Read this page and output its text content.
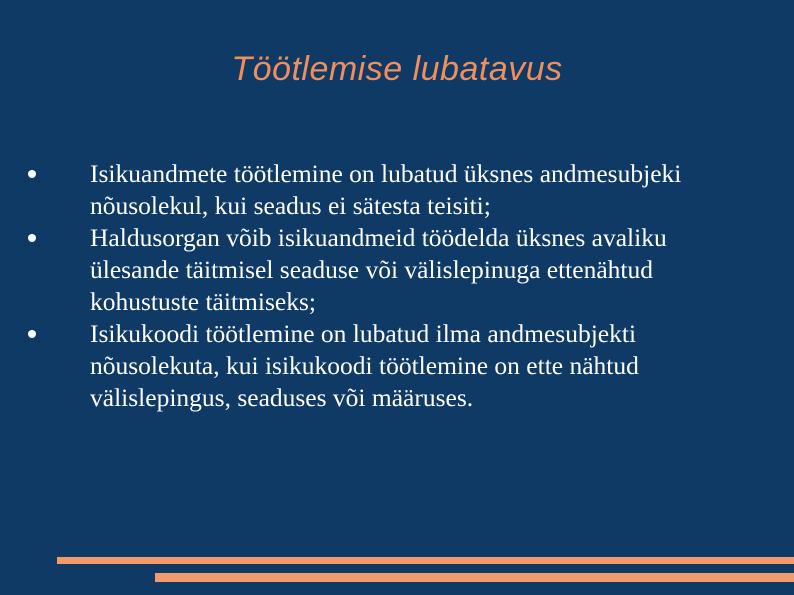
Töötlemise lubatavus
Isikuandmete töötlemine on lubatud üksnes andmesubjeki nõusolekul, kui seadus ei sätesta teisiti;
Haldusorgan võib isikuandmeid töödelda üksnes avaliku ülesande täitmisel seaduse või välislepinuga ettenähtud kohustuste täitmiseks;
Isikukoodi töötlemine on lubatud ilma andmesubjekti nõusolekuta, kui isikukoodi töötlemine on ette nähtud välislepingus, seaduses või määruses.
